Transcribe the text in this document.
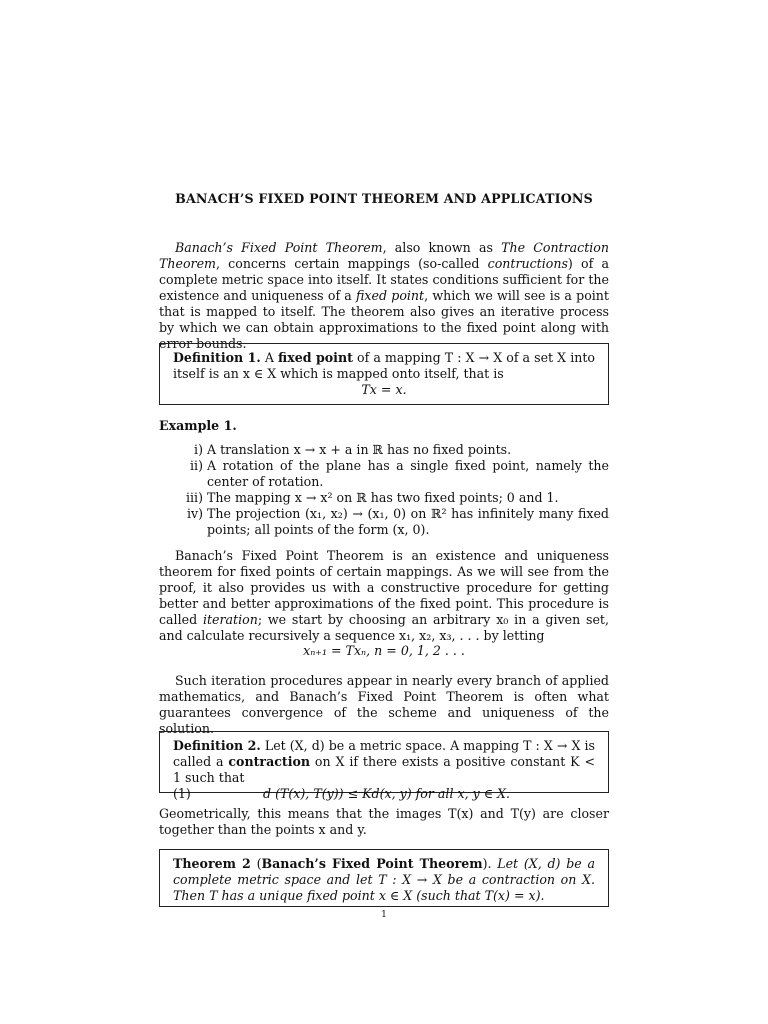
BANACH’S FIXED POINT THEOREM AND APPLICATIONS
Banach’s Fixed Point Theorem, also known as The Contraction Theorem, concerns certain mappings (so-called contructions) of a complete metric space into itself. It states conditions sufficient for the existence and uniqueness of a fixed point, which we will see is a point that is mapped to itself. The theorem also gives an iterative process by which we can obtain approximations to the fixed point along with error bounds.
Definition 1. A fixed point of a mapping T : X → X of a set X into itself is an x ∈ X which is mapped onto itself, that is
Tx = x.
Example 1.
i) A translation x → x + a in ℝ has no fixed points.
ii) A rotation of the plane has a single fixed point, namely the center of rotation.
iii) The mapping x → x² on ℝ has two fixed points; 0 and 1.
iv) The projection (x₁, x₂) → (x₁, 0) on ℝ² has infinitely many fixed points; all points of the form (x, 0).
Banach’s Fixed Point Theorem is an existence and uniqueness theorem for fixed points of certain mappings. As we will see from the proof, it also provides us with a constructive procedure for getting better and better approximations of the fixed point. This procedure is called iteration; we start by choosing an arbitrary x₀ in a given set, and calculate recursively a sequence x₁, x₂, x₃, . . . by letting
xₙ₊₁ = Txₙ, n = 0, 1, 2 . . .
Such iteration procedures appear in nearly every branch of applied mathematics, and Banach’s Fixed Point Theorem is often what guarantees convergence of the scheme and uniqueness of the solution.
Definition 2. Let (X, d) be a metric space. A mapping T : X → X is called a contraction on X if there exists a positive constant K < 1 such that
(1)	d (T(x), T(y)) ≤ Kd(x, y) for all x, y ∈ X.
Geometrically, this means that the images T(x) and T(y) are closer together than the points x and y.
Theorem 2 (Banach’s Fixed Point Theorem). Let (X, d) be a complete metric space and let T : X → X be a contraction on X. Then T has a unique fixed point x ∈ X (such that T(x) = x).
1
